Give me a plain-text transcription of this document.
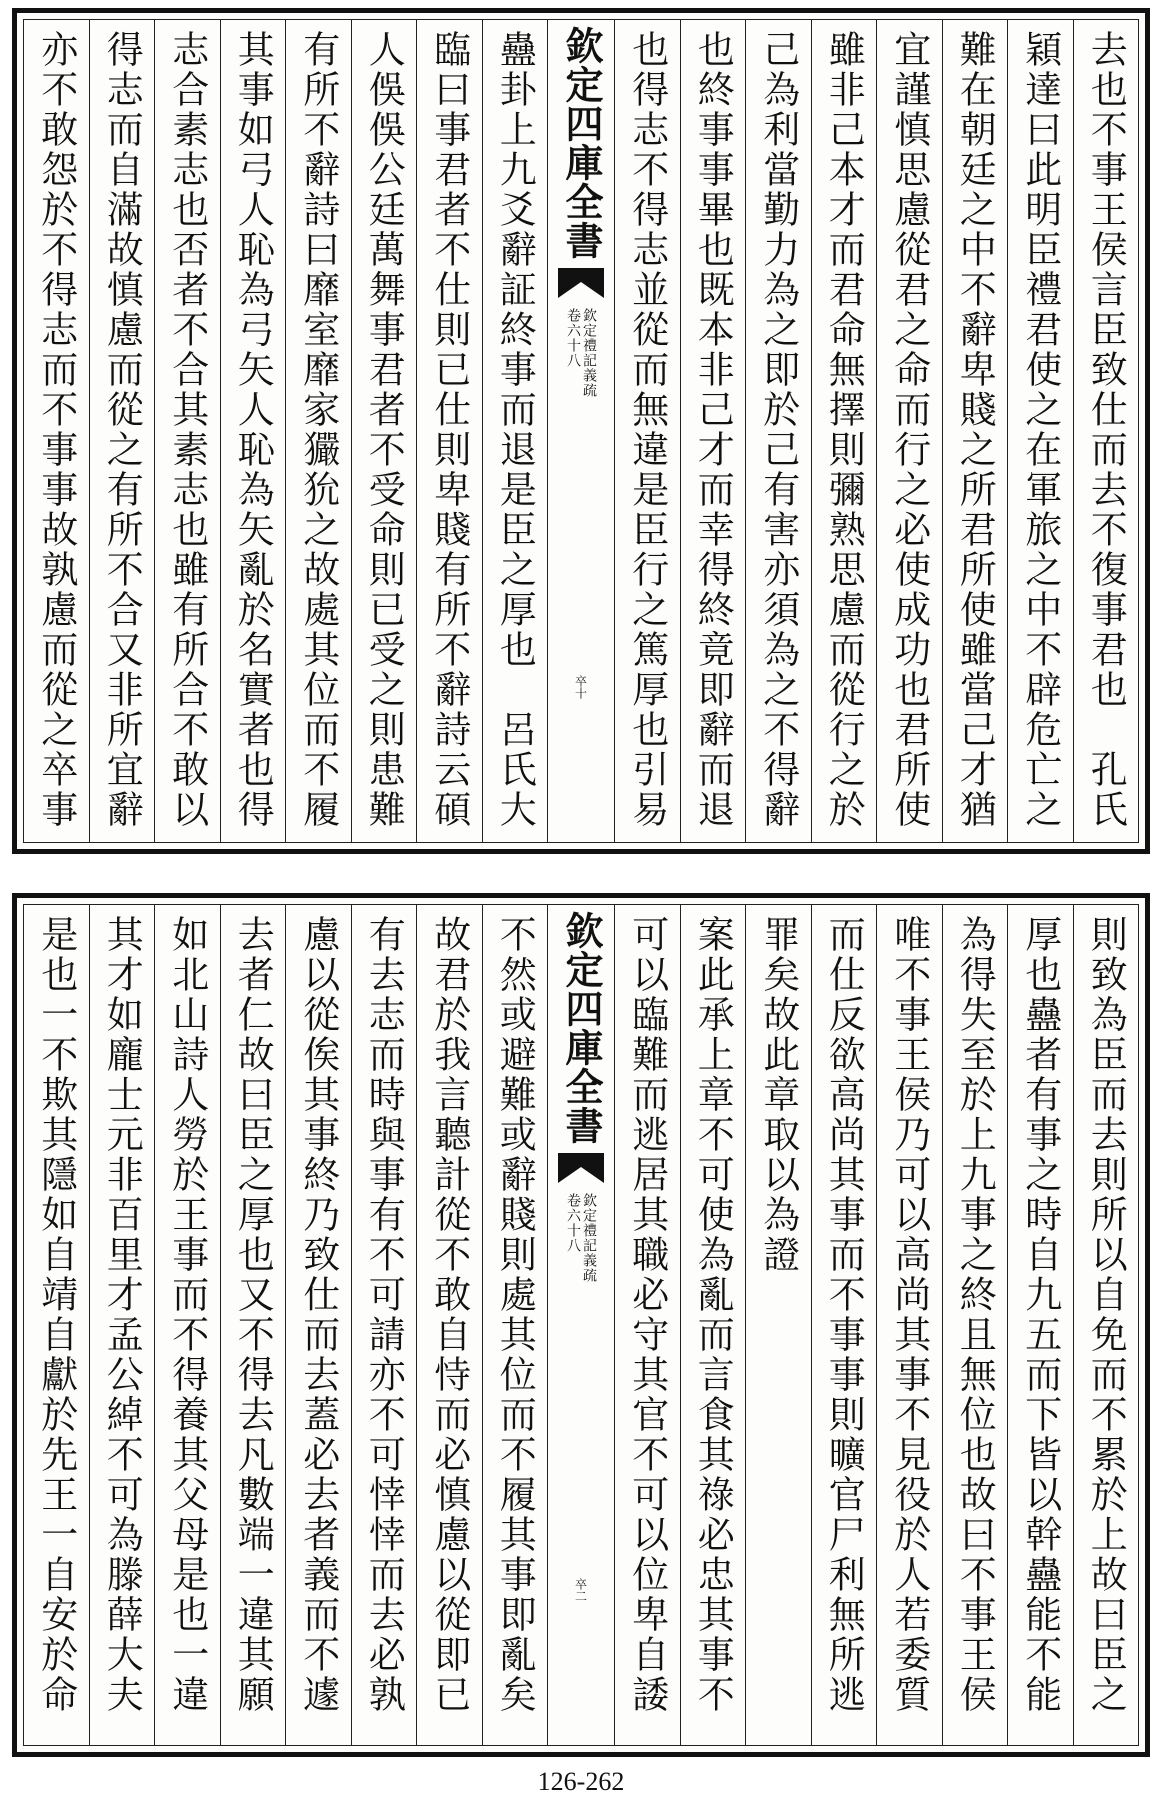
去也不事王侯言臣致仕而去不復事君也　孔氏
穎達曰此明臣禮君使之在軍旅之中不辟危亡之
難在朝廷之中不辭卑賤之所君所使雖當己才猶
宜謹慎思慮從君之命而行之必使成功也君所使
雖非己本才而君命無擇則彌熟思慮而從行之於
己為利當勤力為之即於己有害亦須為之不得辭
也終事事畢也既本非己才而幸得終竟即辭而退
也得志不得志並從而無違是臣行之篤厚也引易
欽定四庫全書
欽定禮記義疏
卷六十八
卒十
蠱卦上九爻辭証終事而退是臣之厚也　呂氏大
臨曰事君者不仕則已仕則卑賤有所不辭詩云碩
人俁俁公廷萬舞事君者不受命則已受之則患難
有所不辭詩曰靡室靡家玁狁之故處其位而不履
其事如弓人恥為弓矢人恥為矢亂於名實者也得
志合素志也否者不合其素志也雖有所合不敢以
得志而自滿故慎慮而從之有所不合又非所宜辭
亦不敢怨於不得志而不事事故孰慮而從之卒事
則致為臣而去則所以自免而不累於上故曰臣之
厚也蠱者有事之時自九五而下皆以幹蠱能不能
為得失至於上九事之終且無位也故曰不事王侯
唯不事王侯乃可以高尚其事不見役於人若委質
而仕反欲高尚其事而不事事則曠官尸利無所逃
罪矣故此章取以為證
案此承上章不可使為亂而言食其祿必忠其事不
可以臨難而逃居其職必守其官不可以位卑自諉
欽定四庫全書
欽定禮記義疏
卷六十八
卒二
不然或避難或辭賤則處其位而不履其事即亂矣
故君於我言聽計從不敢自恃而必慎慮以從即已
有去志而時與事有不可請亦不可悻悻而去必孰
慮以從俟其事終乃致仕而去蓋必去者義而不遽
去者仁故曰臣之厚也又不得去凡數端一違其願
如北山詩人勞於王事而不得養其父母是也一違
其才如龐士元非百里才孟公綽不可為滕薛大夫
是也一不欺其隱如自靖自獻於先王一自安於命
126-262
